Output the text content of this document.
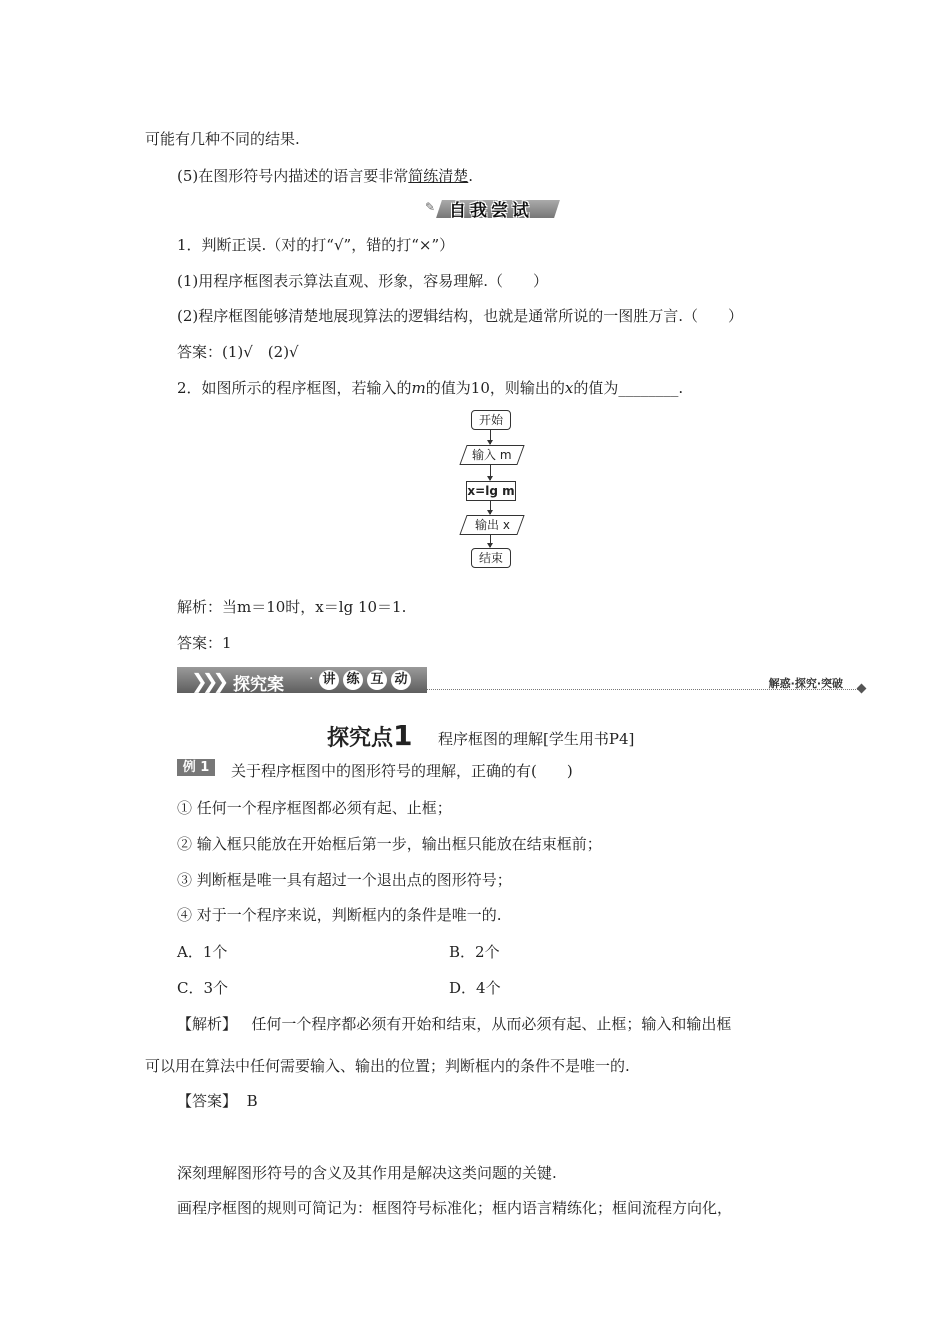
可能有几种不同的结果.
(5)在图形符号内描述的语言要非常简练清楚.
✎ 自我尝试
1．判断正误.（对的打“√”，错的打“×”）
(1)用程序框图表示算法直观、形象，容易理解.（　　）
(2)程序框图能够清楚地展现算法的逻辑结构，也就是通常所说的一图胜万言.（　　）
答案：(1)√　(2)√
2．如图所示的程序框图，若输入的m的值为10，则输出的x的值为________.
开始
输入 m
x=lg m
输出 x
结束
解析：当m＝10时，x＝lg 10＝1.
答案：1
❯❯❯ 探究案 · 讲 练 互 动	解惑·探究·突破
探究点1 程序框图的理解[学生用书P4]
例 1	关于程序框图中的图形符号的理解，正确的有(　　)
① 任何一个程序框图都必须有起、止框；
② 输入框只能放在开始框后第一步，输出框只能放在结束框前；
③ 判断框是唯一具有超过一个退出点的图形符号；
④ 对于一个程序来说，判断框内的条件是唯一的.
A．1个	B．2个
C．3个	D．4个
【解析】 任何一个程序都必须有开始和结束，从而必须有起、止框；输入和输出框
可以用在算法中任何需要输入、输出的位置；判断框内的条件不是唯一的.
【答案】 B
深刻理解图形符号的含义及其作用是解决这类问题的关键.
画程序框图的规则可简记为：框图符号标准化；框内语言精练化；框间流程方向化，
